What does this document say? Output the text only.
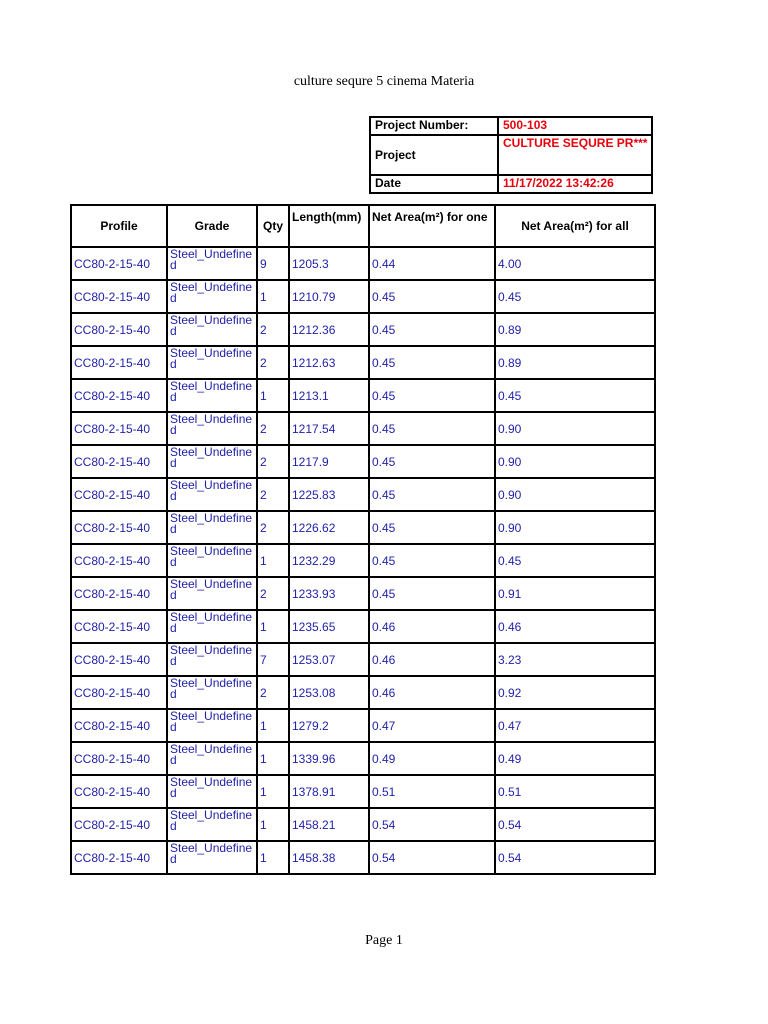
culture sequre 5 cinema Materia
Project Number:	500-103
Project	CULTURE SEQURE PR***
Date	11/17/2022 13:42:26
Profile	Grade	Qty	Length(mm)	Net Area(m²) for one	Net Area(m²) for all
CC80-2-15-40	Steel_Undefined	9	1205.3	0.44	4.00
CC80-2-15-40	Steel_Undefined	1	1210.79	0.45	0.45
CC80-2-15-40	Steel_Undefined	2	1212.36	0.45	0.89
CC80-2-15-40	Steel_Undefined	2	1212.63	0.45	0.89
CC80-2-15-40	Steel_Undefined	1	1213.1	0.45	0.45
CC80-2-15-40	Steel_Undefined	2	1217.54	0.45	0.90
CC80-2-15-40	Steel_Undefined	2	1217.9	0.45	0.90
CC80-2-15-40	Steel_Undefined	2	1225.83	0.45	0.90
CC80-2-15-40	Steel_Undefined	2	1226.62	0.45	0.90
CC80-2-15-40	Steel_Undefined	1	1232.29	0.45	0.45
CC80-2-15-40	Steel_Undefined	2	1233.93	0.45	0.91
CC80-2-15-40	Steel_Undefined	1	1235.65	0.46	0.46
CC80-2-15-40	Steel_Undefined	7	1253.07	0.46	3.23
CC80-2-15-40	Steel_Undefined	2	1253.08	0.46	0.92
CC80-2-15-40	Steel_Undefined	1	1279.2	0.47	0.47
CC80-2-15-40	Steel_Undefined	1	1339.96	0.49	0.49
CC80-2-15-40	Steel_Undefined	1	1378.91	0.51	0.51
CC80-2-15-40	Steel_Undefined	1	1458.21	0.54	0.54
CC80-2-15-40	Steel_Undefined	1	1458.38	0.54	0.54
Page 1
